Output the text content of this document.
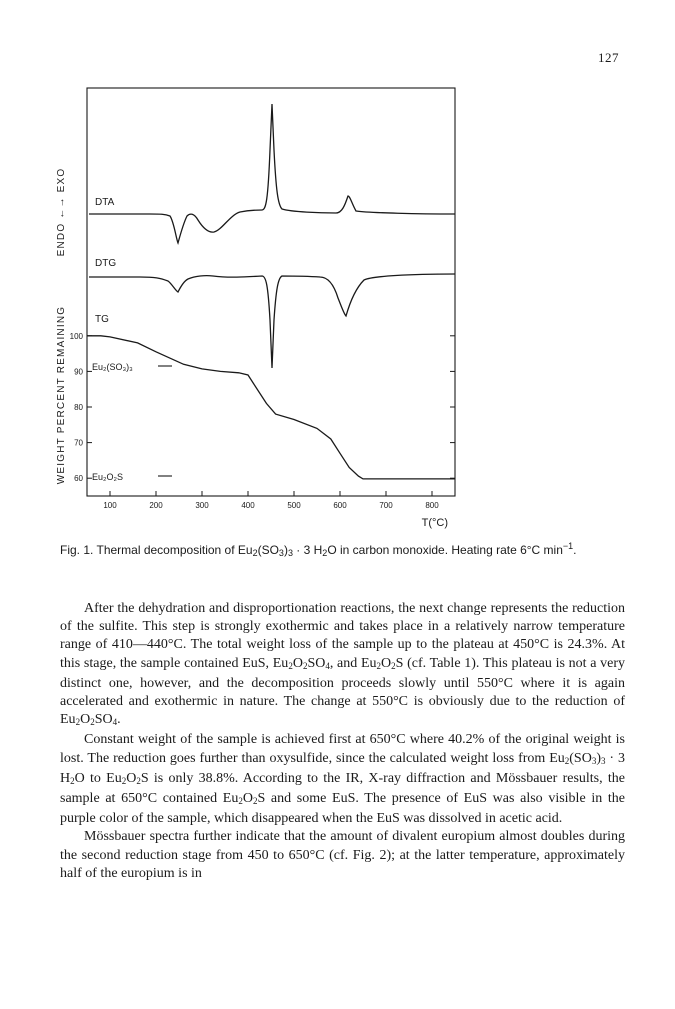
127
ENDO ←→ EXO
WEIGHT PERCENT REMAINING
DTA
DTG
TG
100	200	300	400	500	600	700	800
100
90
80
70
60
Eu₂(SO₃)₃
Eu₂O₂S
T(°C)
Fig. 1. Thermal decomposition of $Eu_2(SO_3)_3 \cdot 3$ $H_2O$ in carbon monoxide. Heating rate 6°C $\min^{-1}$.

After the dehydration and disproportionation reactions, the next change represents the reduction of the sulfite. This step is strongly exothermic and takes place in a relatively narrow temperature range of 410—440°C. The total weight loss of the sample up to the plateau at 450°C is 24.3%. At this stage, the sample contained EuS, $Eu_2O_2SO_4$, and $Eu_2O_2S$ (cf. Table 1). This plateau is not a very distinct one, however, and the decomposition proceeds slowly until 550°C where it is again accelerated and exothermic in nature. The change at 550°C is obviously due to the reduction of $Eu_2O_2SO_4$.

Constant weight of the sample is achieved first at 650°C where 40.2% of the original weight is lost. The reduction goes further than oxysulfide, since the calculated weight loss from $Eu_2(SO_3)_3 \cdot 3$ $H_2O$ to $Eu_2O_2S$ is only 38.8%. According to the IR, X-ray diffraction and Mössbauer results, the sample at 650°C contained $Eu_2O_2S$ and some EuS. The presence of EuS was also visible in the purple color of the sample, which disappeared when the EuS was dissolved in acetic acid.

Mössbauer spectra further indicate that the amount of divalent europium almost doubles during the second reduction stage from 450 to 650°C (cf. Fig. 2); at the latter temperature, approximately half of the europium is in
